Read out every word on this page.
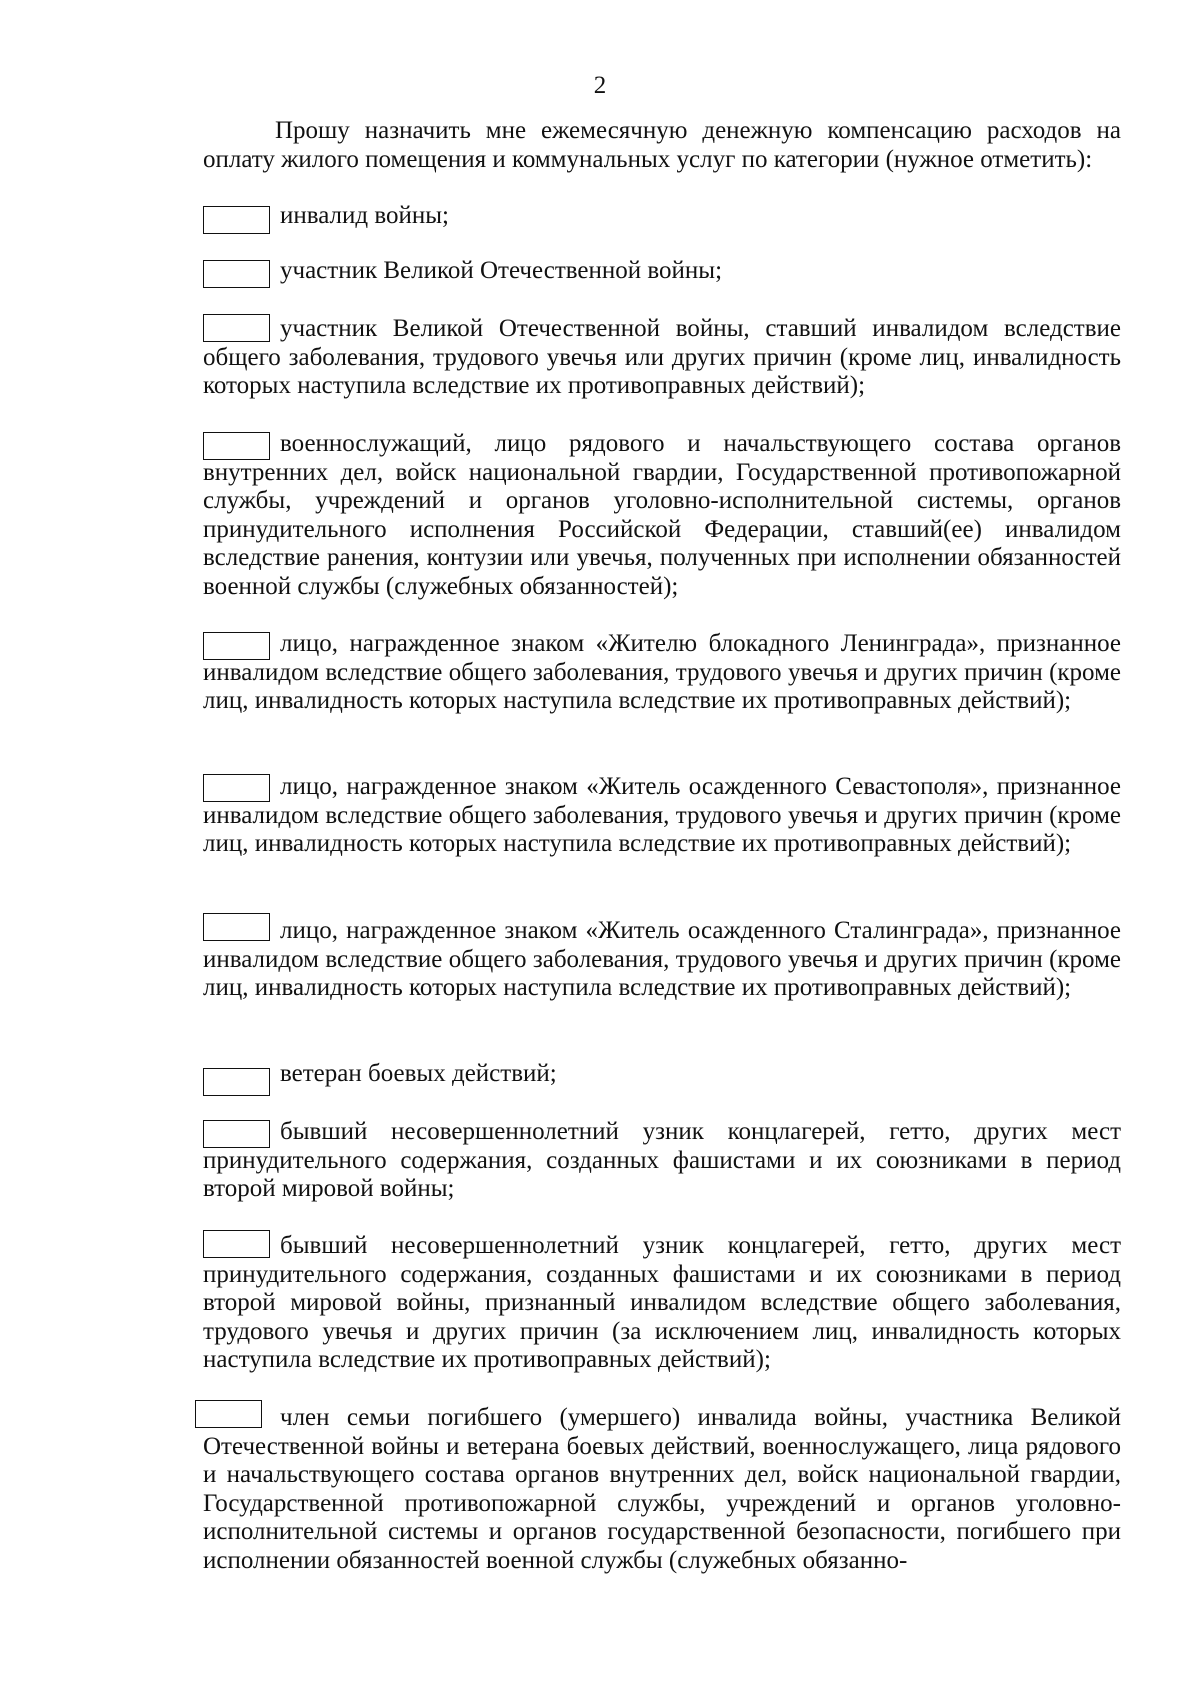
2

Прошу назначить мне ежемесячную денежную компенсацию расходов на оплату жилого помещения и коммунальных услуг по категории (нужное отметить):

инвалид войны;

участник Великой Отечественной войны;

участник Великой Отечественной войны, ставший инвалидом вследствие общего заболевания, трудового увечья или других причин (кроме лиц, инвалидность которых наступила вследствие их противоправных действий);

военнослужащий, лицо рядового и начальствующего состава органов внутренних дел, войск национальной гвардии, Государственной противопожарной службы, учреждений и органов уголовно-исполнительной системы, органов принудительного исполнения Российской Федерации, ставший(ее) инвалидом вследствие ранения, контузии или увечья, полученных при исполнении обязанностей военной службы (служебных обязанностей);

лицо, награжденное знаком «Жителю блокадного Ленинграда», признанное инвалидом вследствие общего заболевания, трудового увечья и других причин (кроме лиц, инвалидность которых наступила вследствие их противоправных действий);

лицо, награжденное знаком «Житель осажденного Севастополя», признанное инвалидом вследствие общего заболевания, трудового увечья и других причин (кроме лиц, инвалидность которых наступила вследствие их противоправных действий);

лицо, награжденное знаком «Житель осажденного Сталинграда», признанное инвалидом вследствие общего заболевания, трудового увечья и других причин (кроме лиц, инвалидность которых наступила вследствие их противоправных действий);

ветеран боевых действий;

бывший несовершеннолетний узник концлагерей, гетто, других мест принудительного содержания, созданных фашистами и их союзниками в период второй мировой войны;

бывший несовершеннолетний узник концлагерей, гетто, других мест принудительного содержания, созданных фашистами и их союзниками в период второй мировой войны, признанный инвалидом вследствие общего заболевания, трудового увечья и других причин (за исключением лиц, инвалидность которых наступила вследствие их противоправных действий);

член семьи погибшего (умершего) инвалида войны, участника Великой Отечественной войны и ветерана боевых действий, военнослужащего, лица рядового и начальствующего состава органов внутренних дел, войск национальной гвардии, Государственной противопожарной службы, учреждений и органов уголовно-исполнительной системы и органов государственной безопасности, погибшего при исполнении обязанностей военной службы (служебных обязанно-
